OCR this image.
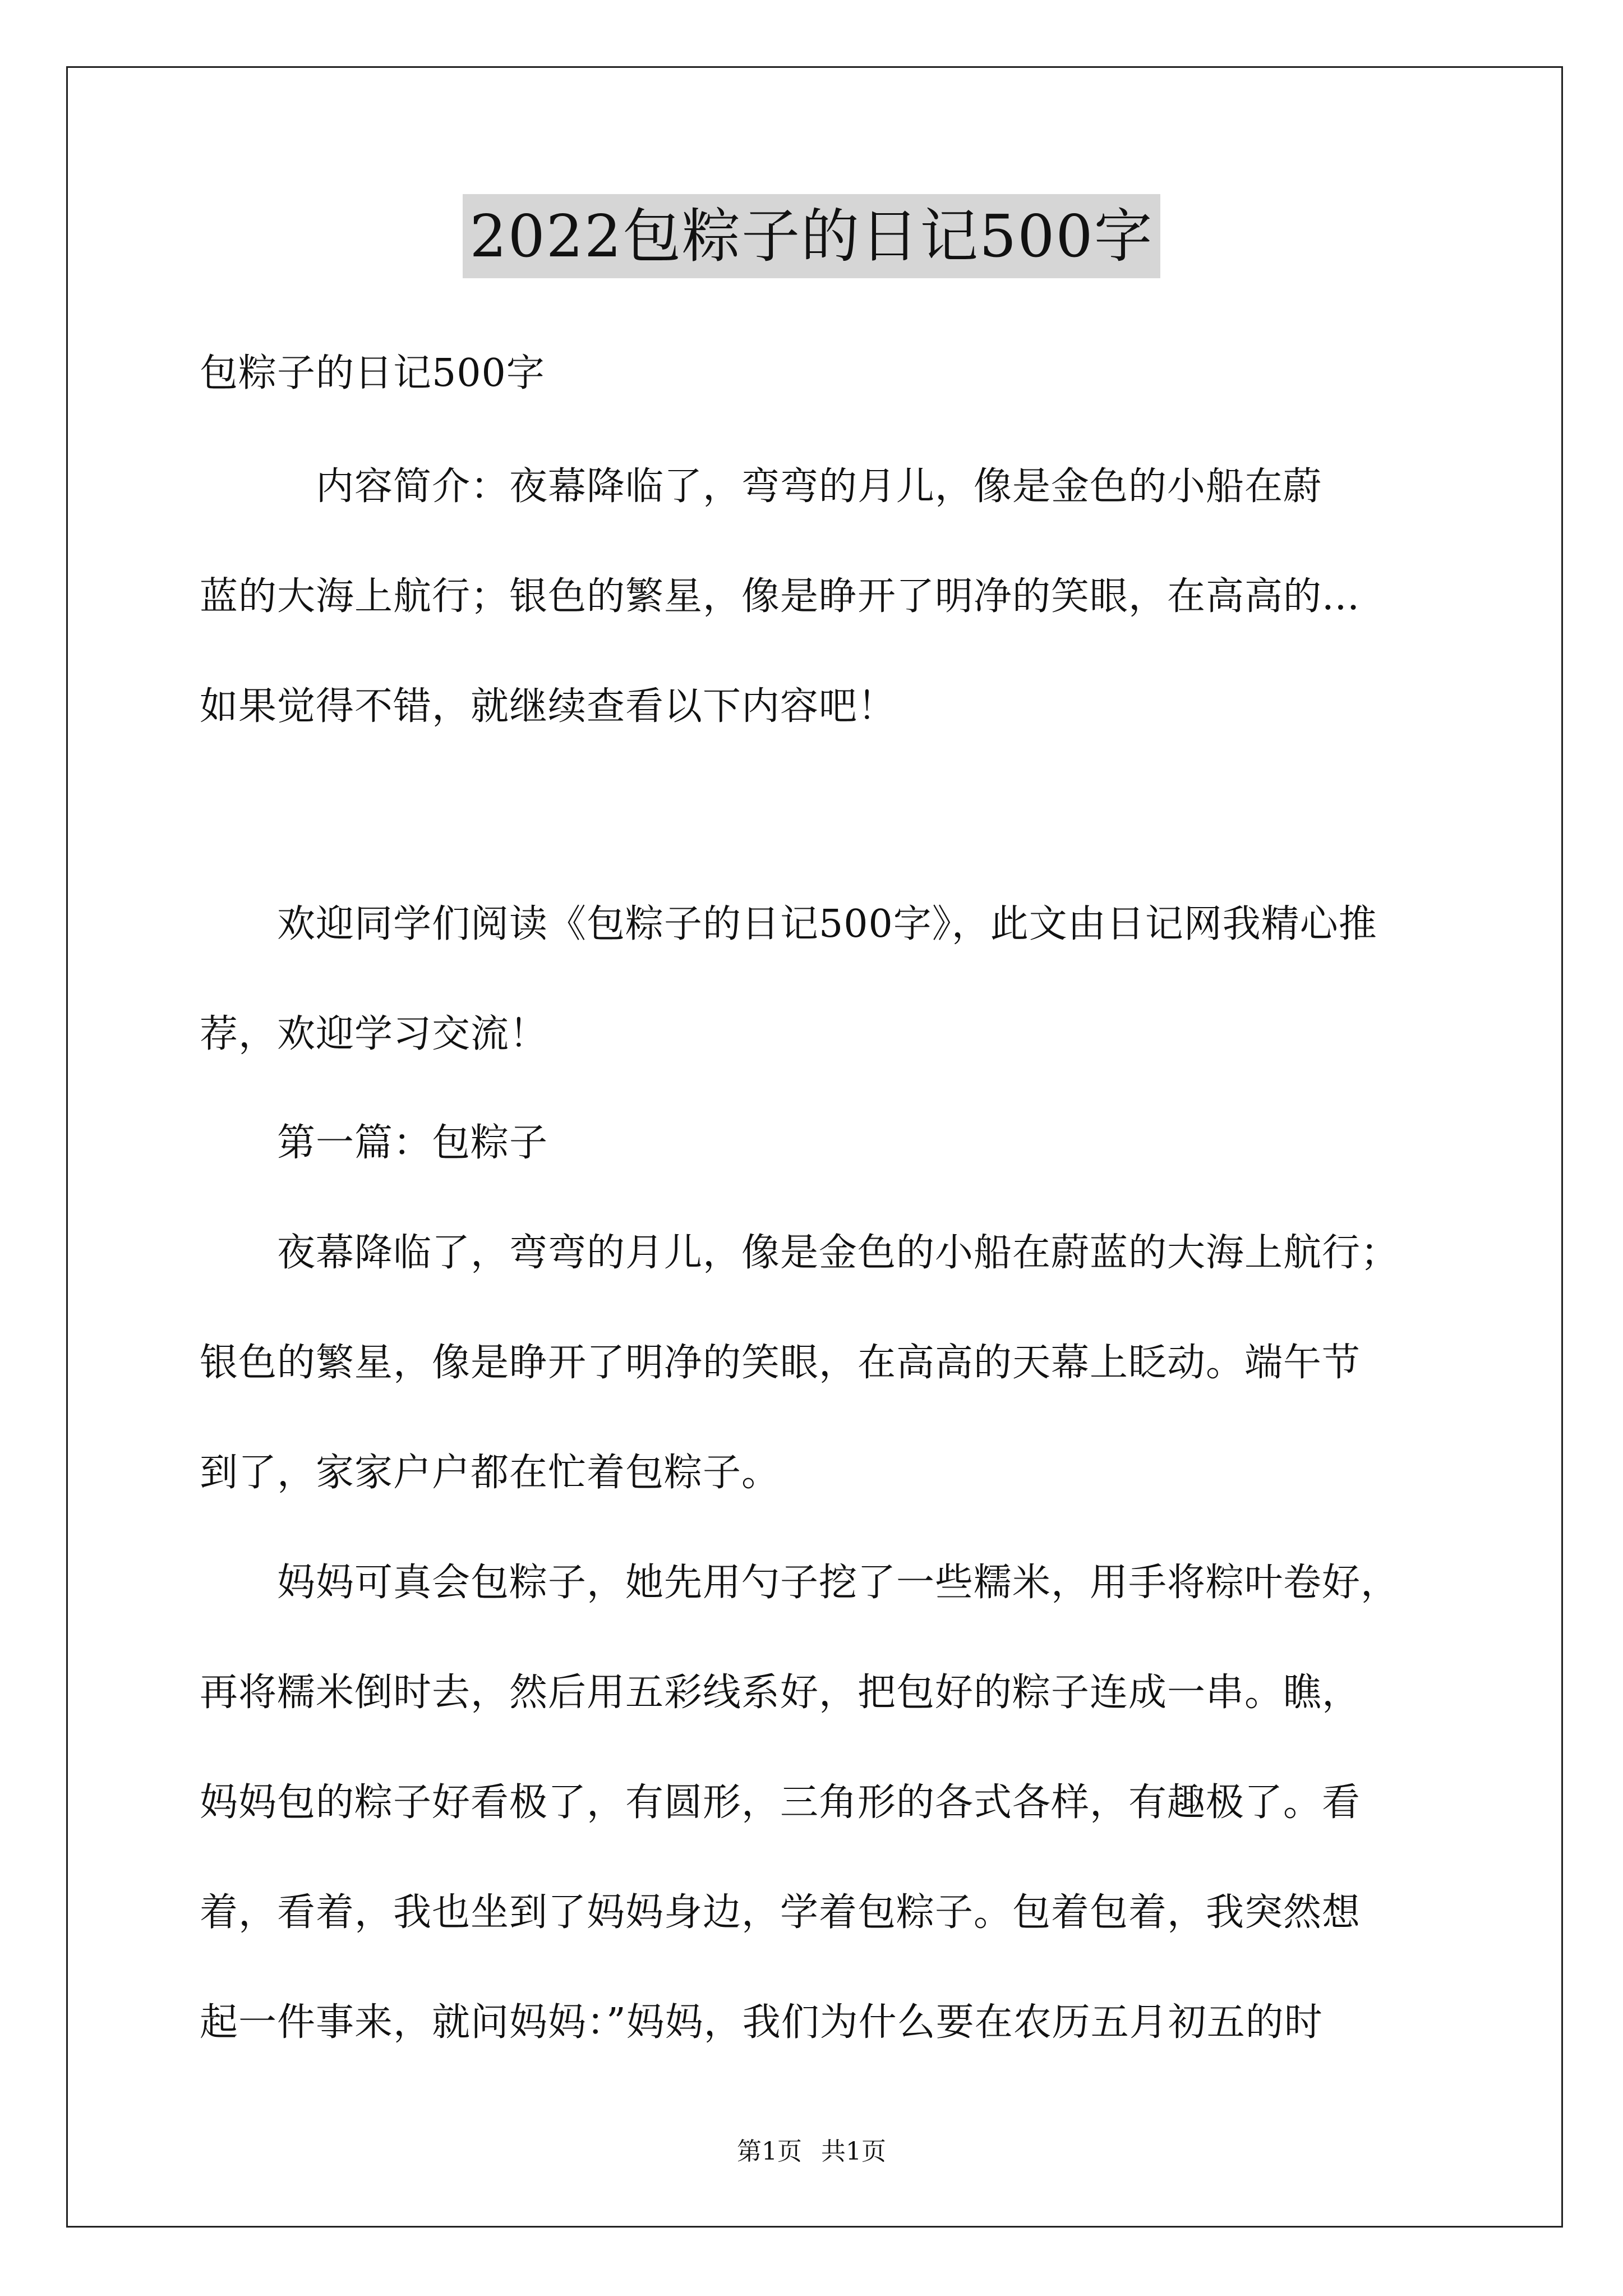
2022包粽子的日记500字
包粽子的日记500字
　　　内容简介：夜幕降临了，弯弯的月儿，像是金色的小船在蔚
蓝的大海上航行；银色的繁星，像是睁开了明净的笑眼，在高高的...
如果觉得不错，就继续查看以下内容吧！
　　欢迎同学们阅读《包粽子的日记500字》，此文由日记网我精心推
荐，欢迎学习交流！
　　第一篇：包粽子
　　夜幕降临了，弯弯的月儿，像是金色的小船在蔚蓝的大海上航行；
银色的繁星，像是睁开了明净的笑眼，在高高的天幕上眨动。端午节
到了，家家户户都在忙着包粽子。
　　妈妈可真会包粽子，她先用勺子挖了一些糯米，用手将粽叶卷好，
再将糯米倒时去，然后用五彩线系好，把包好的粽子连成一串。瞧，
妈妈包的粽子好看极了，有圆形，三角形的各式各样，有趣极了。看
着，看着，我也坐到了妈妈身边，学着包粽子。包着包着，我突然想
起一件事来，就问妈妈：”妈妈，我们为什么要在农历五月初五的时
第1页 共1页
